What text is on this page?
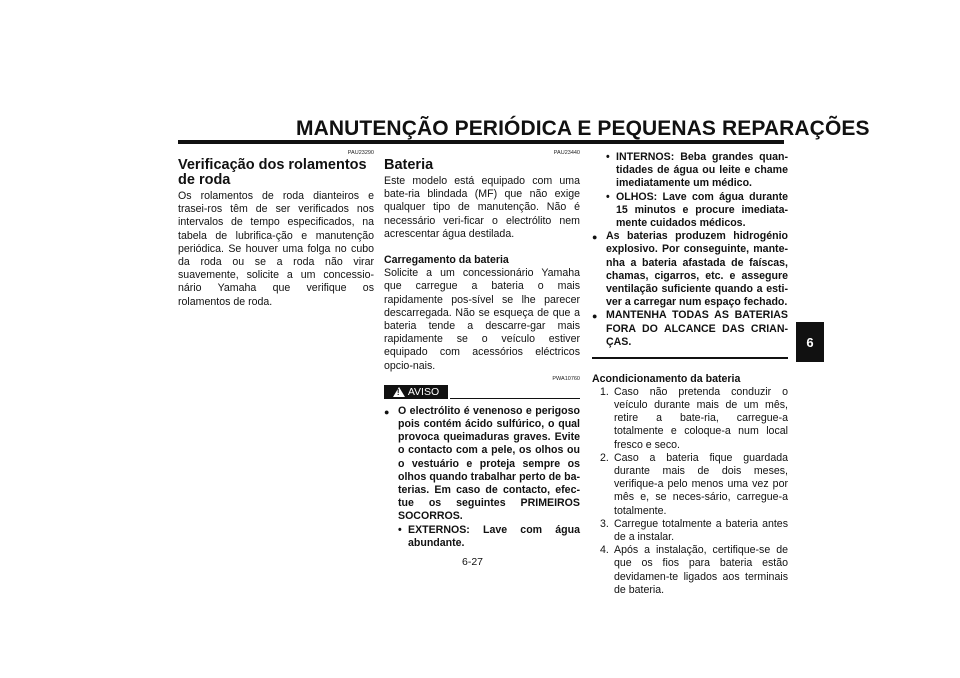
MANUTENÇÃO PERIÓDICA E PEQUENAS REPARAÇÕES
PAU23290
Verificação dos rolamentos de roda
Os rolamentos de roda dianteiros e trasei-ros têm de ser verificados nos intervalos de tempo especificados, na tabela de lubrifica-ção e manutenção periódica. Se houver uma folga no cubo da roda ou se a roda não virar suavemente, solicite a um concessio-nário Yamaha que verifique os rolamentos de roda.
PAU23440
Bateria
Este modelo está equipado com uma bate-ria blindada (MF) que não exige qualquer tipo de manutenção. Não é necessário veri-ficar o electrólito nem acrescentar água destilada.
Carregamento da bateria
Solicite a um concessionário Yamaha que carregue a bateria o mais rapidamente pos-sível se lhe parecer descarregada. Não se esqueça de que a bateria tende a descarre-gar mais rapidamente se o veículo estiver equipado com acessórios eléctricos opcio-nais.
PWA10760
! AVISO
● O electrólito é venenoso e perigoso pois contém ácido sulfúrico, o qual provoca queimaduras graves. Evite o contacto com a pele, os olhos ou o vestuário e proteja sempre os olhos quando trabalhar perto de ba-terias. Em caso de contacto, efec-tue os seguintes PRIMEIROS SOCORROS.
• EXTERNOS: Lave com água abundante.
• INTERNOS: Beba grandes quan-tidades de água ou leite e chame imediatamente um médico.
• OLHOS: Lave com água durante 15 minutos e procure imediata-mente cuidados médicos.
● As baterias produzem hidrogénio explosivo. Por conseguinte, mante-nha a bateria afastada de faíscas, chamas, cigarros, etc. e assegure ventilação suficiente quando a esti-ver a carregar num espaço fechado.
● MANTENHA TODAS AS BATERIAS FORA DO ALCANCE DAS CRIAN-ÇAS.
Acondicionamento da bateria
1. Caso não pretenda conduzir o veículo durante mais de um mês, retire a bate-ria, carregue-a totalmente e coloque-a num local fresco e seco.
2. Caso a bateria fique guardada durante mais de dois meses, verifique-a pelo menos uma vez por mês e, se neces-sário, carregue-a totalmente.
3. Carregue totalmente a bateria antes de a instalar.
4. Após a instalação, certifique-se de que os fios para bateria estão devidamen-te ligados aos terminais de bateria.
6
6-27
